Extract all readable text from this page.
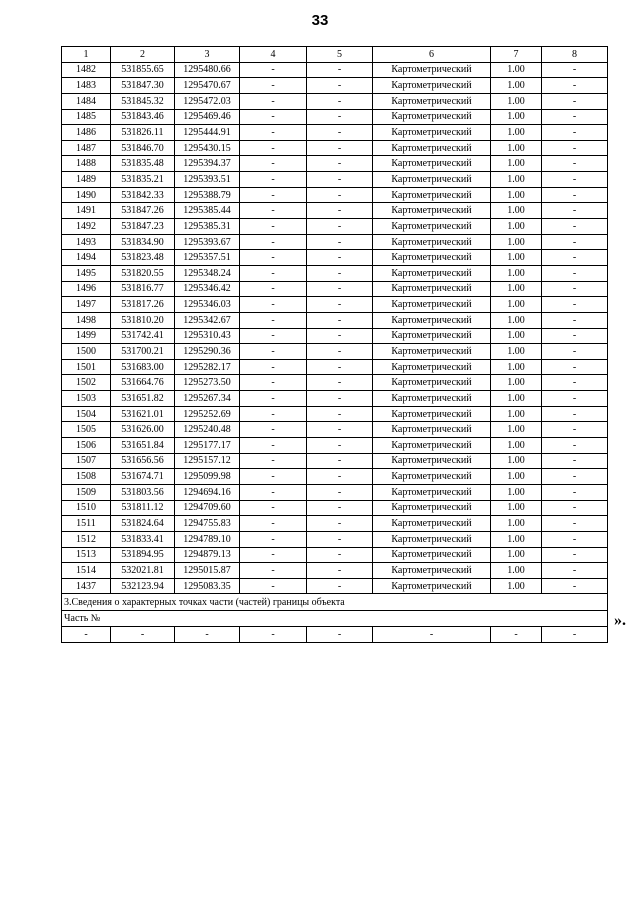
33
1	2	3	4	5	6	7	8
1482	531855.65	1295480.66	-	-	Картометрический	1.00	-
1483	531847.30	1295470.67	-	-	Картометрический	1.00	-
1484	531845.32	1295472.03	-	-	Картометрический	1.00	-
1485	531843.46	1295469.46	-	-	Картометрический	1.00	-
1486	531826.11	1295444.91	-	-	Картометрический	1.00	-
1487	531846.70	1295430.15	-	-	Картометрический	1.00	-
1488	531835.48	1295394.37	-	-	Картометрический	1.00	-
1489	531835.21	1295393.51	-	-	Картометрический	1.00	-
1490	531842.33	1295388.79	-	-	Картометрический	1.00	-
1491	531847.26	1295385.44	-	-	Картометрический	1.00	-
1492	531847.23	1295385.31	-	-	Картометрический	1.00	-
1493	531834.90	1295393.67	-	-	Картометрический	1.00	-
1494	531823.48	1295357.51	-	-	Картометрический	1.00	-
1495	531820.55	1295348.24	-	-	Картометрический	1.00	-
1496	531816.77	1295346.42	-	-	Картометрический	1.00	-
1497	531817.26	1295346.03	-	-	Картометрический	1.00	-
1498	531810.20	1295342.67	-	-	Картометрический	1.00	-
1499	531742.41	1295310.43	-	-	Картометрический	1.00	-
1500	531700.21	1295290.36	-	-	Картометрический	1.00	-
1501	531683.00	1295282.17	-	-	Картометрический	1.00	-
1502	531664.76	1295273.50	-	-	Картометрический	1.00	-
1503	531651.82	1295267.34	-	-	Картометрический	1.00	-
1504	531621.01	1295252.69	-	-	Картометрический	1.00	-
1505	531626.00	1295240.48	-	-	Картометрический	1.00	-
1506	531651.84	1295177.17	-	-	Картометрический	1.00	-
1507	531656.56	1295157.12	-	-	Картометрический	1.00	-
1508	531674.71	1295099.98	-	-	Картометрический	1.00	-
1509	531803.56	1294694.16	-	-	Картометрический	1.00	-
1510	531811.12	1294709.60	-	-	Картометрический	1.00	-
1511	531824.64	1294755.83	-	-	Картометрический	1.00	-
1512	531833.41	1294789.10	-	-	Картометрический	1.00	-
1513	531894.95	1294879.13	-	-	Картометрический	1.00	-
1514	532021.81	1295015.87	-	-	Картометрический	1.00	-
1437	532123.94	1295083.35	-	-	Картометрический	1.00	-
3.Сведения о характерных точках части (частей) границы объекта							
Часть №							
-	-	-	-	-	-	-	-
».
